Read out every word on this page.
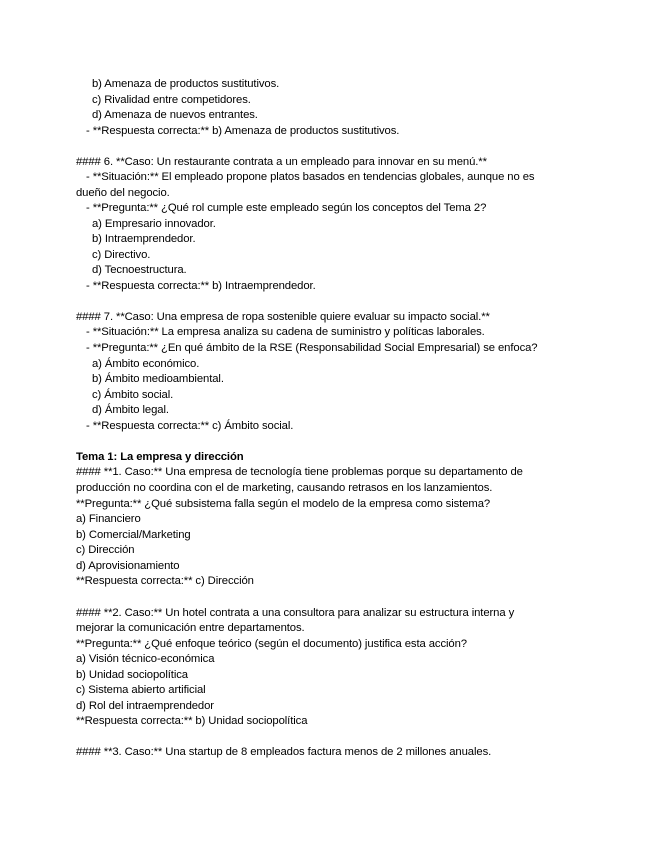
b) Amenaza de productos sustitutivos.
c) Rivalidad entre competidores.
d) Amenaza de nuevos entrantes.
- **Respuesta correcta:** b) Amenaza de productos sustitutivos.
#### 6. **Caso: Un restaurante contrata a un empleado para innovar en su menú.**
- **Situación:** El empleado propone platos basados en tendencias globales, aunque no es
dueño del negocio.
- **Pregunta:** ¿Qué rol cumple este empleado según los conceptos del Tema 2?
a) Empresario innovador.
b) Intraemprendedor.
c) Directivo.
d) Tecnoestructura.
- **Respuesta correcta:** b) Intraemprendedor.
#### 7. **Caso: Una empresa de ropa sostenible quiere evaluar su impacto social.**
- **Situación:** La empresa analiza su cadena de suministro y políticas laborales.
- **Pregunta:** ¿En qué ámbito de la RSE (Responsabilidad Social Empresarial) se enfoca?
a) Ámbito económico.
b) Ámbito medioambiental.
c) Ámbito social.
d) Ámbito legal.
- **Respuesta correcta:** c) Ámbito social.
Tema 1: La empresa y dirección
#### **1. Caso:** Una empresa de tecnología tiene problemas porque su departamento de
producción no coordina con el de marketing, causando retrasos en los lanzamientos.
**Pregunta:** ¿Qué subsistema falla según el modelo de la empresa como sistema?
a) Financiero
b) Comercial/Marketing
c) Dirección
d) Aprovisionamiento
**Respuesta correcta:** c) Dirección
#### **2. Caso:** Un hotel contrata a una consultora para analizar su estructura interna y
mejorar la comunicación entre departamentos.
**Pregunta:** ¿Qué enfoque teórico (según el documento) justifica esta acción?
a) Visión técnico-económica
b) Unidad sociopolítica
c) Sistema abierto artificial
d) Rol del intraemprendedor
**Respuesta correcta:** b) Unidad sociopolítica
#### **3. Caso:** Una startup de 8 empleados factura menos de 2 millones anuales.
